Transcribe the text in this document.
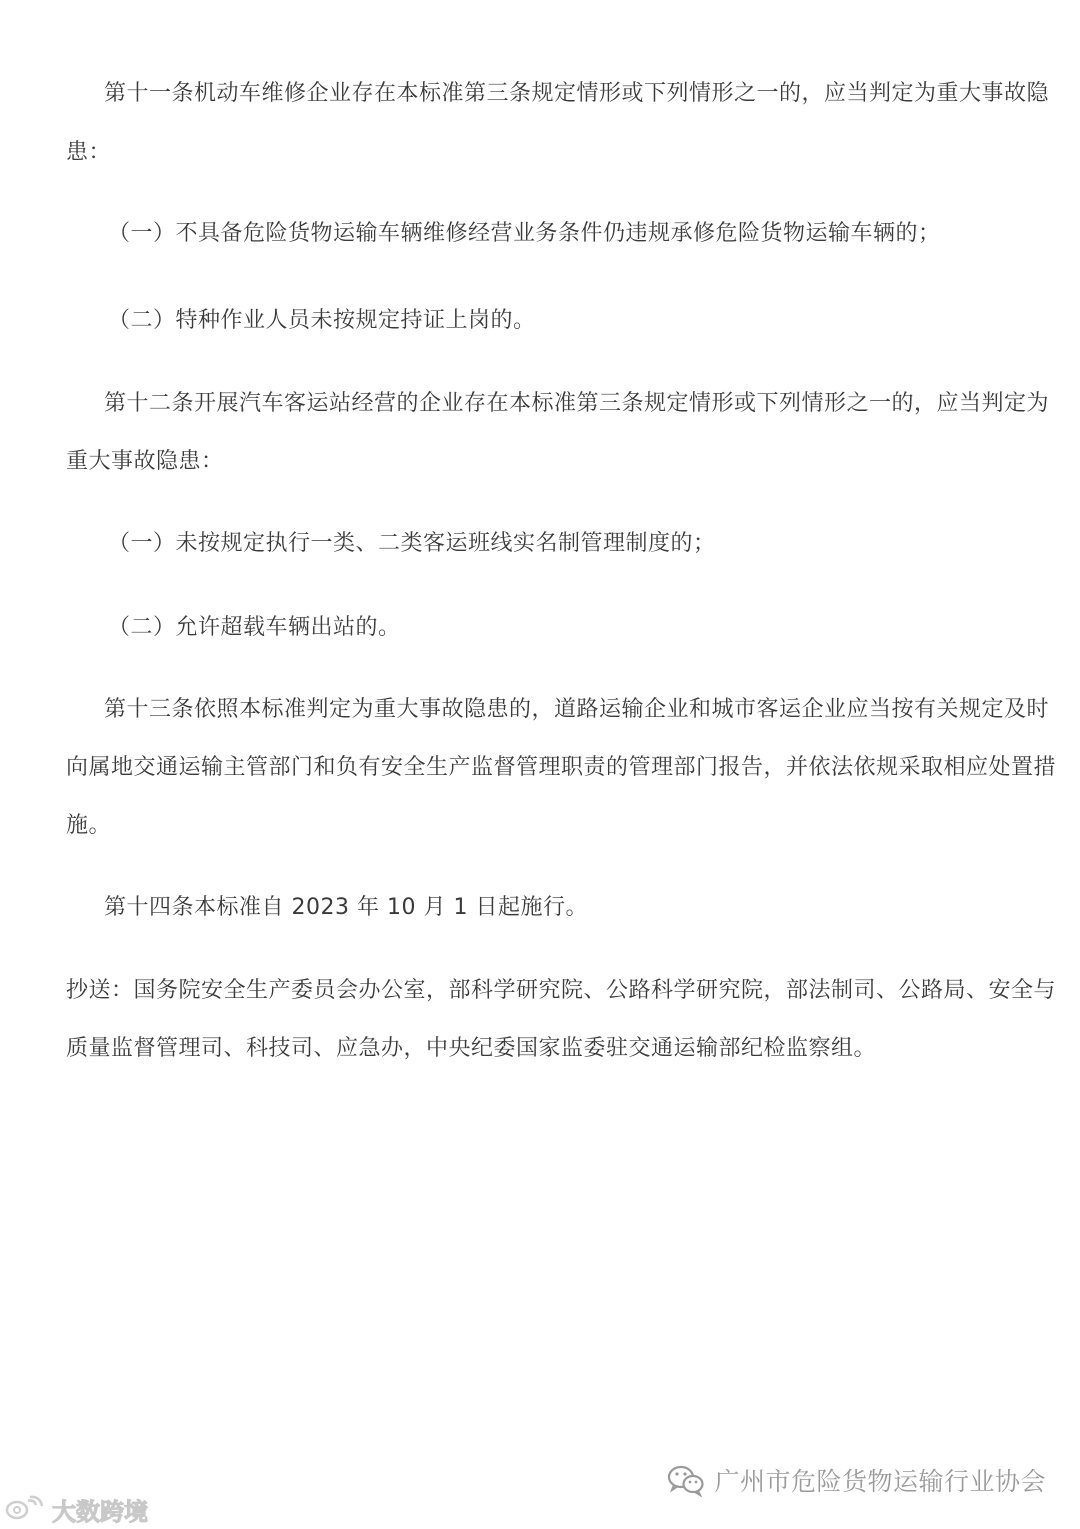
第十一条机动车维修企业存在本标准第三条规定情形或下列情形之一的，应当判定为重大事故隐
患：
（一）不具备危险货物运输车辆维修经营业务条件仍违规承修危险货物运输车辆的；
（二）特种作业人员未按规定持证上岗的。
第十二条开展汽车客运站经营的企业存在本标准第三条规定情形或下列情形之一的，应当判定为
重大事故隐患：
（一）未按规定执行一类、二类客运班线实名制管理制度的；
（二）允许超载车辆出站的。
第十三条依照本标准判定为重大事故隐患的，道路运输企业和城市客运企业应当按有关规定及时
向属地交通运输主管部门和负有安全生产监督管理职责的管理部门报告，并依法依规采取相应处置措
施。
第十四条本标准自 2023 年 10 月 1 日起施行。
抄送：国务院安全生产委员会办公室，部科学研究院、公路科学研究院，部法制司、公路局、安全与
质量监督管理司、科技司、应急办，中央纪委国家监委驻交通运输部纪检监察组。
广州市危险货物运输行业协会
大数跨境
